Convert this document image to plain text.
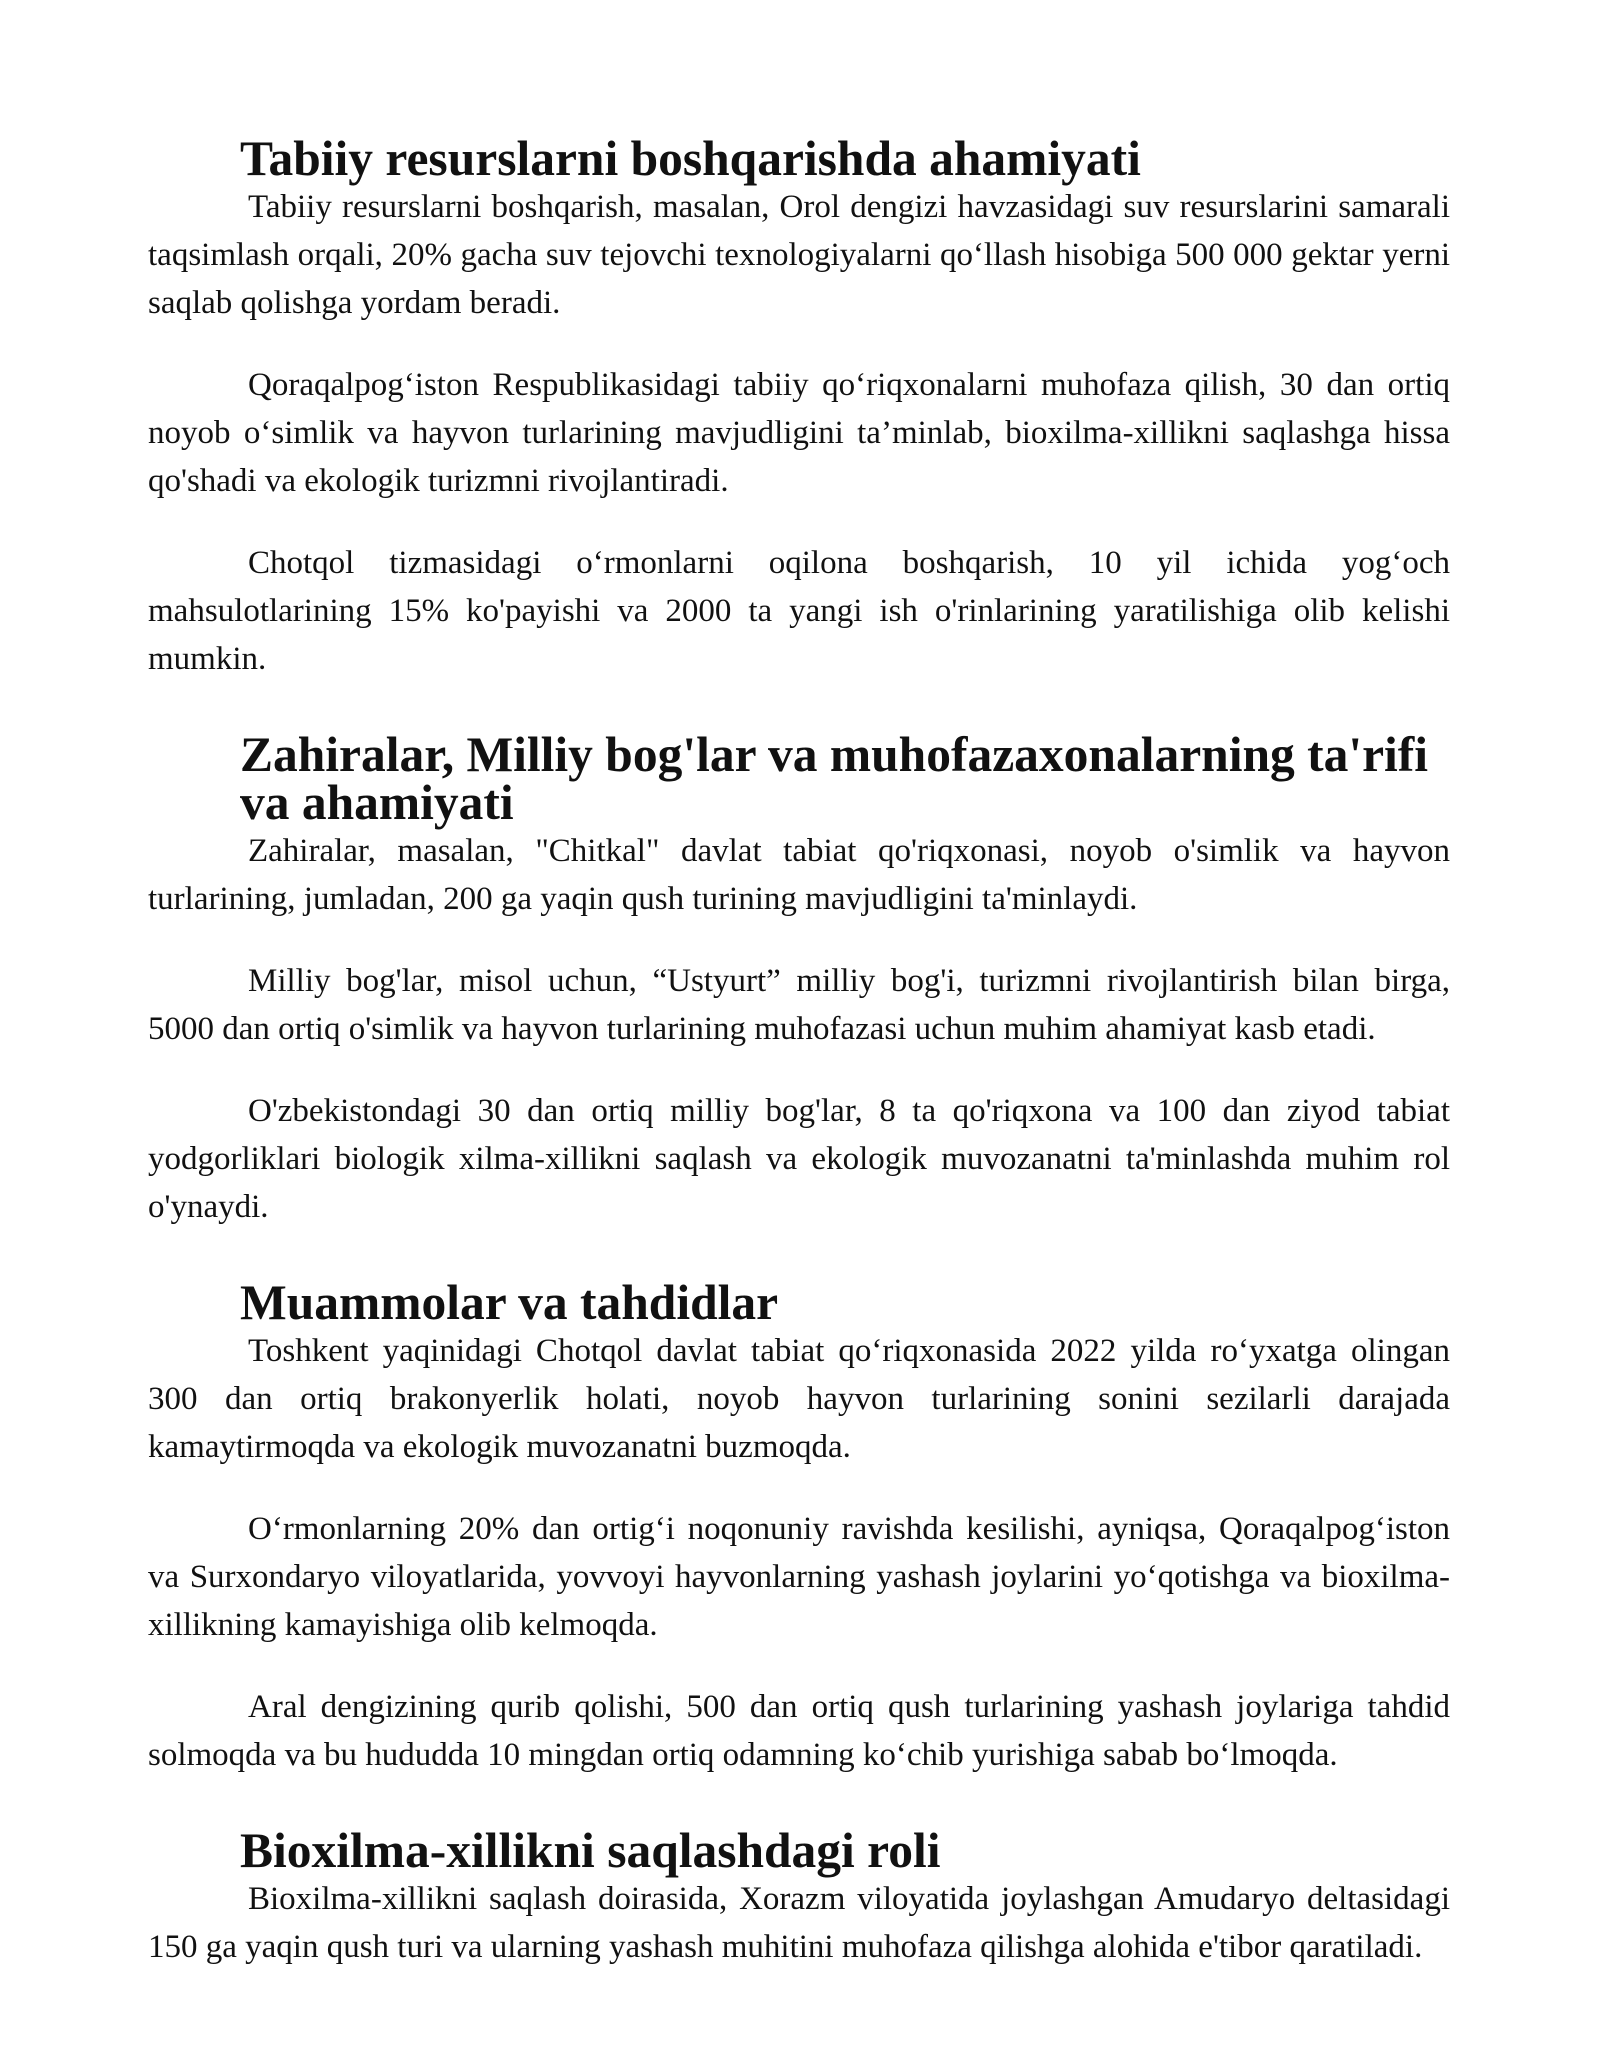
Tabiiy resurslarni boshqarishda ahamiyati

Tabiiy resurslarni boshqarish, masalan, Orol dengizi havzasidagi suv resurslarini samarali taqsimlash orqali, 20% gacha suv tejovchi texnologiyalarni qo‘llash hisobiga 500 000 gektar yerni saqlab qolishga yordam beradi.

Qoraqalpog‘iston Respublikasidagi tabiiy qo‘riqxonalarni muhofaza qilish, 30 dan ortiq noyob o‘simlik va hayvon turlarining mavjudligini ta’minlab, bioxilma-xillikni saqlashga hissa qo'shadi va ekologik turizmni rivojlantiradi.

Chotqol tizmasidagi o‘rmonlarni oqilona boshqarish, 10 yil ichida yog‘och mahsulotlarining 15% ko'payishi va 2000 ta yangi ish o'rinlarining yaratilishiga olib kelishi mumkin.

Zahiralar, Milliy bog'lar va muhofazaxonalarning ta'rifi va ahamiyati

Zahiralar, masalan, "Chitkal" davlat tabiat qo'riqxonasi, noyob o'simlik va hayvon turlarining, jumladan, 200 ga yaqin qush turining mavjudligini ta'minlaydi.

Milliy bog'lar, misol uchun, “Ustyurt” milliy bog'i, turizmni rivojlantirish bilan birga, 5000 dan ortiq o'simlik va hayvon turlarining muhofazasi uchun muhim ahamiyat kasb etadi.

O'zbekistondagi 30 dan ortiq milliy bog'lar, 8 ta qo'riqxona va 100 dan ziyod tabiat yodgorliklari biologik xilma-xillikni saqlash va ekologik muvozanatni ta'minlashda muhim rol o'ynaydi.

Muammolar va tahdidlar

Toshkent yaqinidagi Chotqol davlat tabiat qo‘riqxonasida 2022 yilda ro‘yxatga olingan 300 dan ortiq brakonyerlik holati, noyob hayvon turlarining sonini sezilarli darajada kamaytirmoqda va ekologik muvozanatni buzmoqda.

O‘rmonlarning 20% dan ortig‘i noqonuniy ravishda kesilishi, ayniqsa, Qoraqalpog‘iston va Surxondaryo viloyatlarida, yovvoyi hayvonlarning yashash joylarini yo‘qotishga va bioxilma-xillikning kamayishiga olib kelmoqda.

Aral dengizining qurib qolishi, 500 dan ortiq qush turlarining yashash joylariga tahdid solmoqda va bu hududda 10 mingdan ortiq odamning ko‘chib yurishiga sabab bo‘lmoqda.

Bioxilma-xillikni saqlashdagi roli

Bioxilma-xillikni saqlash doirasida, Xorazm viloyatida joylashgan Amudaryo deltasidagi 150 ga yaqin qush turi va ularning yashash muhitini muhofaza qilishga alohida e'tibor qaratiladi.
